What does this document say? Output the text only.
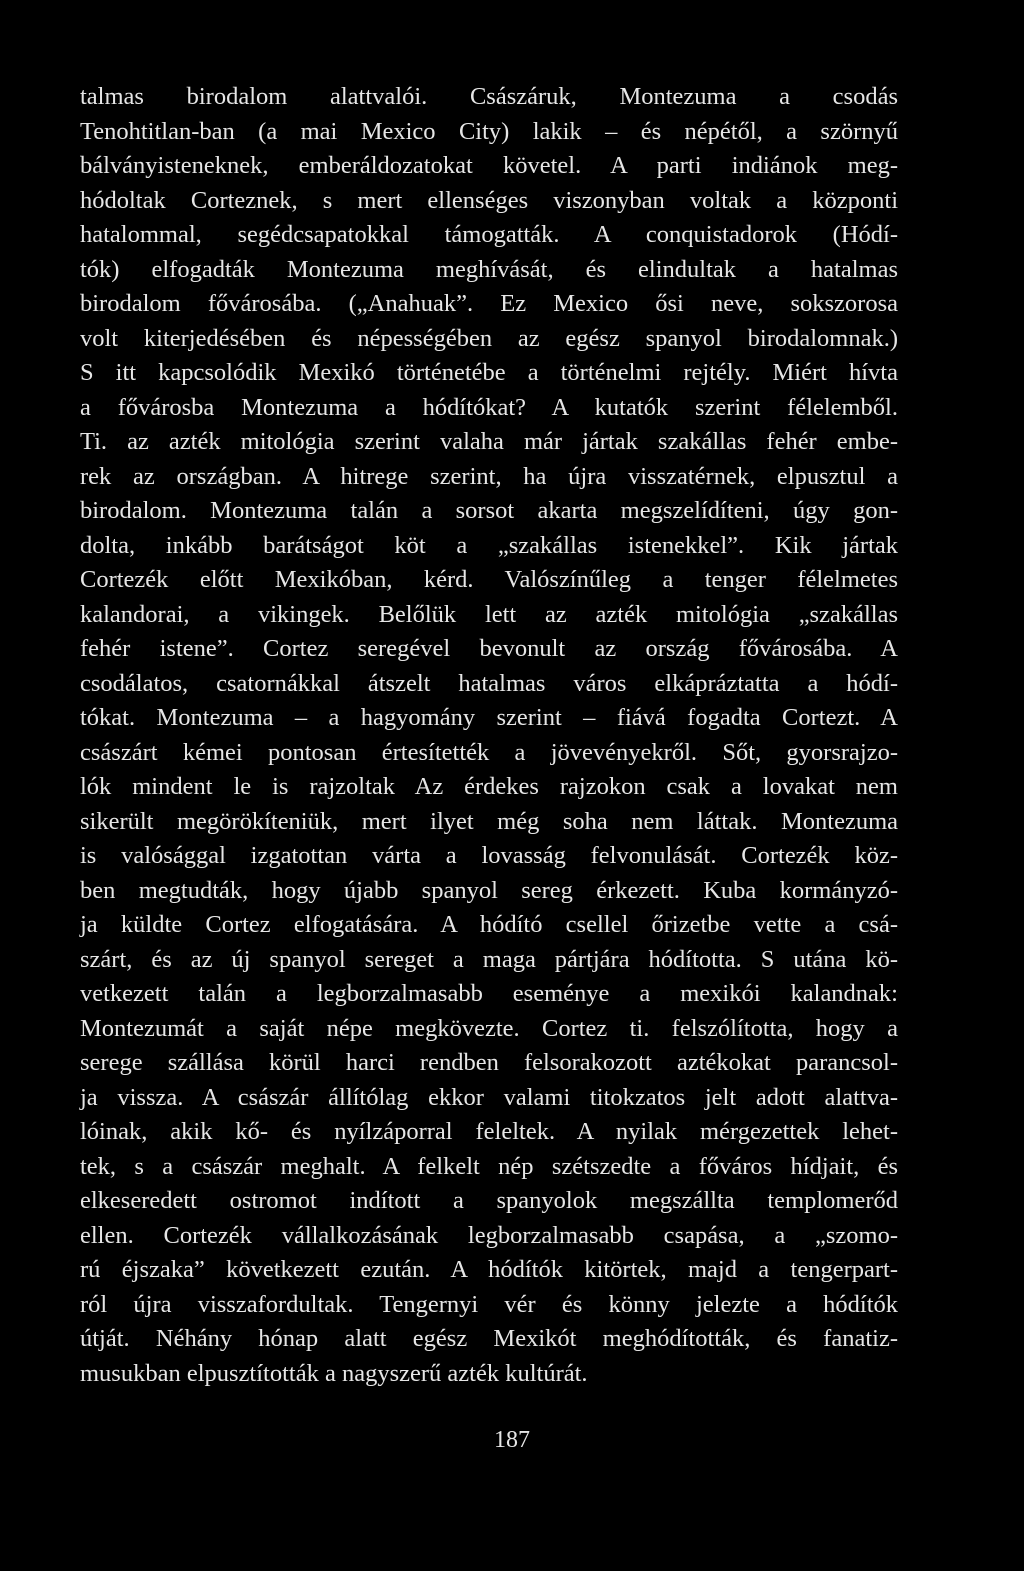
talmas birodalom alattvalói. Császáruk, Montezuma a csodás
Tenohtitlan-ban (a mai Mexico City) lakik – és népétől, a szörnyű
bálványisteneknek, emberáldozatokat követel. A parti indiánok meg-
hódoltak Corteznek, s mert ellenséges viszonyban voltak a központi
hatalommal, segédcsapatokkal támogatták. A conquistadorok (Hódí-
tók) elfogadták Montezuma meghívását, és elindultak a hatalmas
birodalom fővárosába. („Anahuak”. Ez Mexico ősi neve, sokszorosa
volt kiterjedésében és népességében az egész spanyol birodalomnak.)
S itt kapcsolódik Mexikó történetébe a történelmi rejtély. Miért hívta
a fővárosba Montezuma a hódítókat? A kutatók szerint félelemből.
Ti. az azték mitológia szerint valaha már jártak szakállas fehér embe-
rek az országban. A hitrege szerint, ha újra visszatérnek, elpusztul a
birodalom. Montezuma talán a sorsot akarta megszelídíteni, úgy gon-
dolta, inkább barátságot köt a „szakállas istenekkel”. Kik jártak
Cortezék előtt Mexikóban, kérd. Valószínűleg a tenger félelmetes
kalandorai, a vikingek. Belőlük lett az azték mitológia „szakállas
fehér istene”. Cortez seregével bevonult az ország fővárosába. A
csodálatos, csatornákkal átszelt hatalmas város elkápráztatta a hódí-
tókat. Montezuma – a hagyomány szerint – fiává fogadta Cortezt. A
császárt kémei pontosan értesítették a jövevényekről. Sőt, gyorsrajzo-
lók mindent le is rajzoltak Az érdekes rajzokon csak a lovakat nem
sikerült megörökíteniük, mert ilyet még soha nem láttak. Montezuma
is valósággal izgatottan várta a lovasság felvonulását. Cortezék köz-
ben megtudták, hogy újabb spanyol sereg érkezett. Kuba kormányzó-
ja küldte Cortez elfogatására. A hódító csellel őrizetbe vette a csá-
szárt, és az új spanyol sereget a maga pártjára hódította. S utána kö-
vetkezett talán a legborzalmasabb eseménye a mexikói kalandnak:
Montezumát a saját népe megkövezte. Cortez ti. felszólította, hogy a
serege szállása körül harci rendben felsorakozott aztékokat parancsol-
ja vissza. A császár állítólag ekkor valami titokzatos jelt adott alattva-
lóinak, akik kő- és nyílzáporral feleltek. A nyilak mérgezettek lehet-
tek, s a császár meghalt. A felkelt nép szétszedte a főváros hídjait, és
elkeseredett ostromot indított a spanyolok megszállta templomerőd
ellen. Cortezék vállalkozásának legborzalmasabb csapása, a „szomo-
rú éjszaka” következett ezután. A hódítók kitörtek, majd a tengerpart-
ról újra visszafordultak. Tengernyi vér és könny jelezte a hódítók
útját. Néhány hónap alatt egész Mexikót meghódították, és fanatiz-
musukban elpusztították a nagyszerű azték kultúrát.
187
